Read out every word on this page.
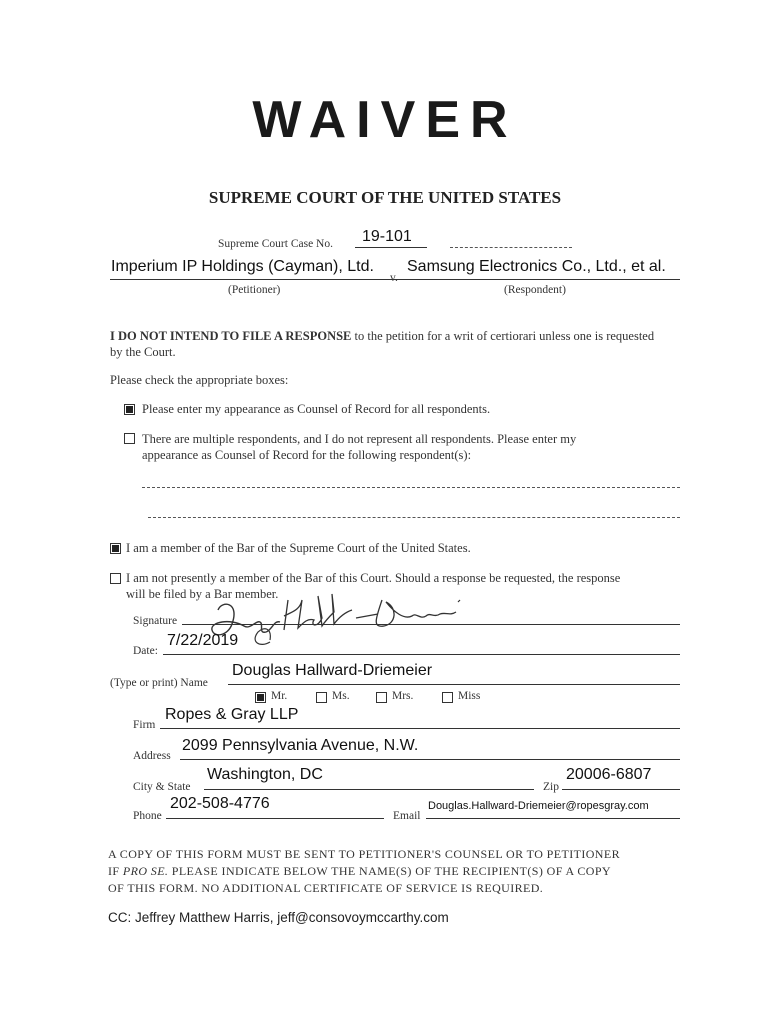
WAIVER
SUPREME COURT OF THE UNITED STATES
Supreme Court Case No. 19-101
Imperium IP Holdings (Cayman), Ltd.
v.
Samsung Electronics Co., Ltd., et al.
(Petitioner)	(Respondent)
I DO NOT INTEND TO FILE A RESPONSE to the petition for a writ of certiorari unless one is requested
by the Court.
Please check the appropriate boxes:
Please enter my appearance as Counsel of Record for all respondents.
There are multiple respondents, and I do not represent all respondents. Please enter my
appearance as Counsel of Record for the following respondent(s):
I am a member of the Bar of the Supreme Court of the United States.
I am not presently a member of the Bar of this Court. Should a response be requested, the response
will be filed by a Bar member.
Signature
Date:
7/22/2019
(Type or print) Name
Douglas Hallward-Driemeier
Mr.	Ms.	Mrs.	Miss
Firm
Ropes & Gray LLP
Address
2099 Pennsylvania Avenue, N.W.
City & State
Washington, DC
Zip
20006-6807
Phone
202-508-4776
Email
Douglas.Hallward-Driemeier@ropesgray.com
A COPY OF THIS FORM MUST BE SENT TO PETITIONER'S COUNSEL OR TO PETITIONER
IF PRO SE. PLEASE INDICATE BELOW THE NAME(S) OF THE RECIPIENT(S) OF A COPY
OF THIS FORM. NO ADDITIONAL CERTIFICATE OF SERVICE IS REQUIRED.
CC: Jeffrey Matthew Harris, jeff@consovoymccarthy.com
